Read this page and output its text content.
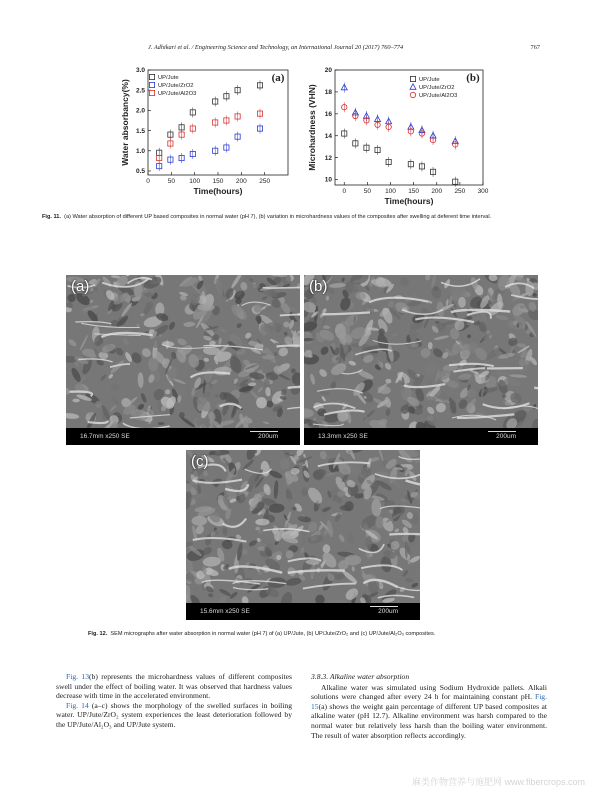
J. Adhikari et al. / Engineering Science and Technology, an International Journal 20 (2017) 760–774	767
0	50 100 150 200 250
0.5
1.0
1.5
2.0
2.5
3.0
Time(hours)
Water absorbancy(%)
(a)
UP/Jute
UP/Jute/ZrO2
UP/Jute/Al2O3
0	50 100 150 200 250 300
10
12
14
16
18
20
Time(hours)
Microhardness (VHN)
(b)
UP/Jute
UP/Jute/ZrO2
UP/Jute/Al2O3
Fig. 11. (a) Water absorption of different UP based composites in normal water (pH 7), (b) variation in microhardness values of the composites after swelling at deferent time interval.
(a)
16.7mm x250 SE	200um
(b)
13.3mm x250 SE	200um
(c)
15.6mm x250 SE	200um
Fig. 12. SEM micrographs after water absorption in normal water (pH 7) of (a) UP/Jute, (b) UP/Jute/ZrO₂ and (c) UP/Jute/Al₂O₃ composites.

Fig. 13(b) represents the microhardness values of different composites swell under the effect of boiling water. It was observed that hardness values decrease with time in the accelerated environment.

Fig. 14 (a–c) shows the morphology of the swelled surfaces in boiling water. UP/Jute/ZrO₂ system experiences the least deterioration followed by the UP/Jute/Al₂O₃ and UP/Jute system.

3.8.3. Alkaline water absorption

Alkaline water was simulated using Sodium Hydroxide pallets. Alkali solutions were changed after every 24 h for maintaining constant pH. Fig. 15(a) shows the weight gain percentage of different UP based composites at alkaline water (pH 12.7). Alkaline environment was harsh compared to the normal water but relatively less harsh than the boiling water environment. The result of water absorption reflects accordingly.

麻类作物营养与施肥网 www.fibercrops.com
